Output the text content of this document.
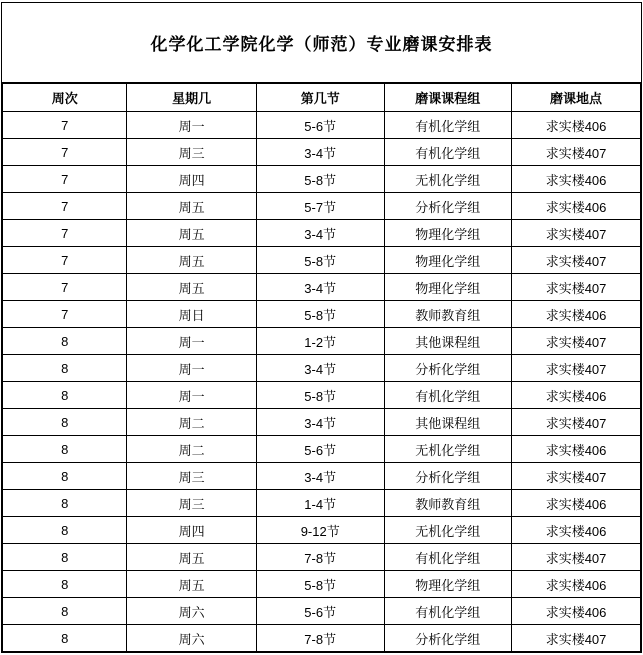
化学化工学院化学（师范）专业磨课安排表
周次	星期几	第几节	磨课课程组	磨课地点
7	周一	5-6节	有机化学组	求实楼406
7	周三	3-4节	有机化学组	求实楼407
7	周四	5-8节	无机化学组	求实楼406
7	周五	5-7节	分析化学组	求实楼406
7	周五	3-4节	物理化学组	求实楼407
7	周五	5-8节	物理化学组	求实楼407
7	周五	3-4节	物理化学组	求实楼407
7	周日	5-8节	教师教育组	求实楼406
8	周一	1-2节	其他课程组	求实楼407
8	周一	3-4节	分析化学组	求实楼407
8	周一	5-8节	有机化学组	求实楼406
8	周二	3-4节	其他课程组	求实楼407
8	周二	5-6节	无机化学组	求实楼406
8	周三	3-4节	分析化学组	求实楼407
8	周三	1-4节	教师教育组	求实楼406
8	周四	9-12节	无机化学组	求实楼406
8	周五	7-8节	有机化学组	求实楼407
8	周五	5-8节	物理化学组	求实楼406
8	周六	5-6节	有机化学组	求实楼406
8	周六	7-8节	分析化学组	求实楼407
